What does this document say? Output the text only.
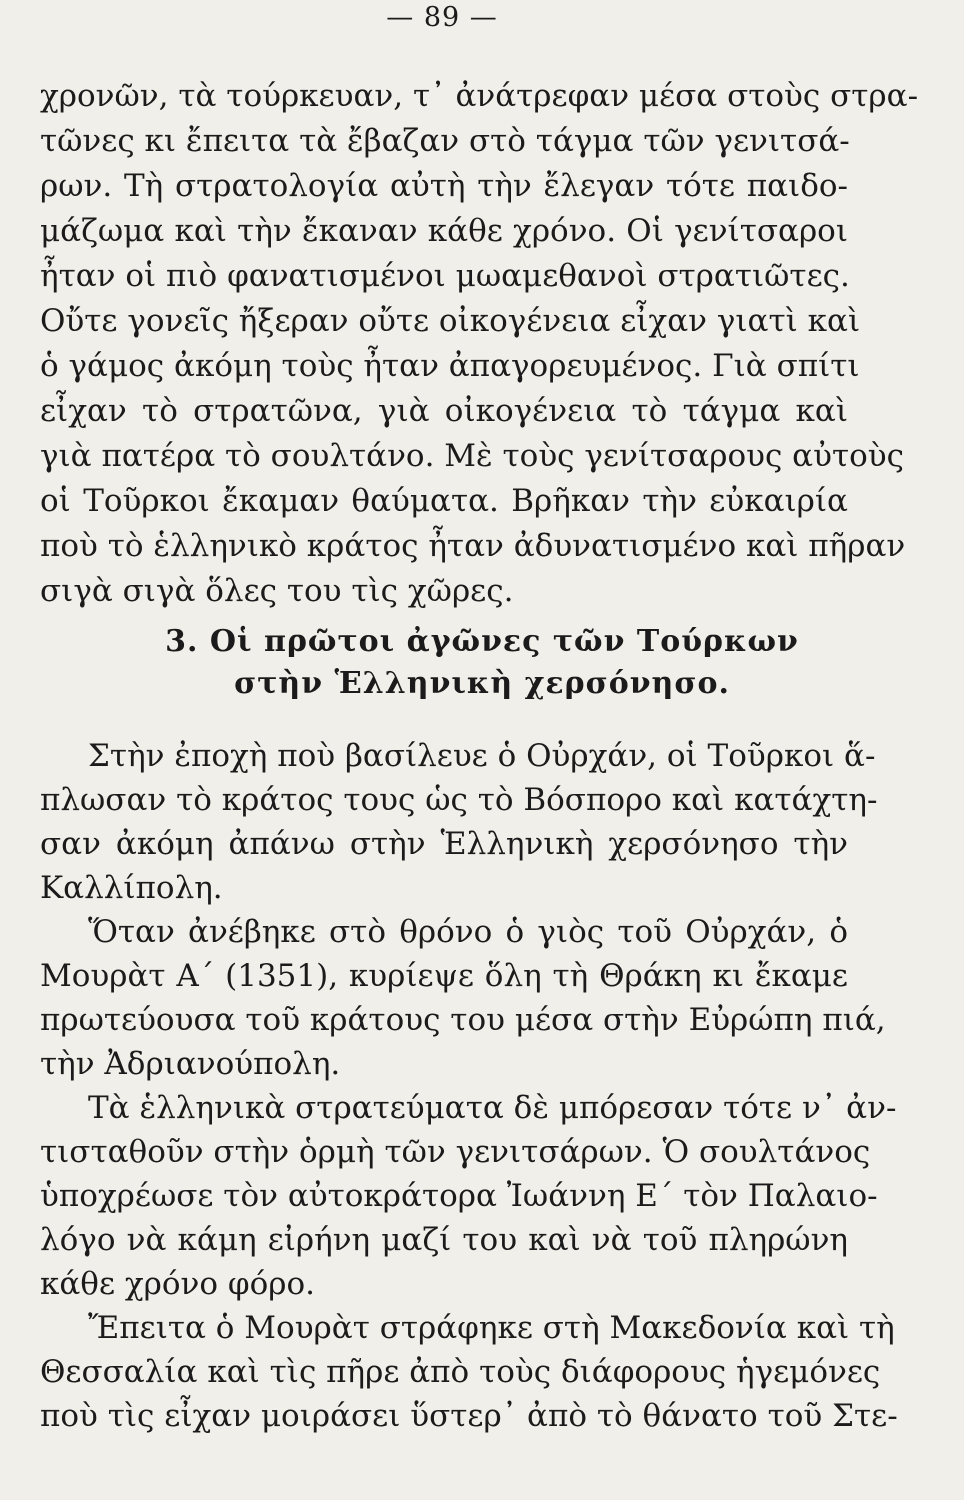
— 89 —
χρονῶν, τὰ τούρκευαν, τ᾿ ἀνάτρεφαν μέσα στοὺς στρα-
τῶνες κι ἔπειτα τὰ ἔβαζαν στὸ τάγμα τῶν γενιτσά-
ρων. Τὴ στρατολογία αὐτὴ τὴν ἔλεγαν τότε παιδο-
μάζωμα καὶ τὴν ἔκαναν κάθε χρόνο. Οἱ γενίτσαροι
ἦταν οἱ πιὸ φανατισμένοι μωαμεθανοὶ στρατιῶτες.
Οὔτε γονεῖς ἤξεραν οὔτε οἰκογένεια εἶχαν γιατὶ καὶ
ὁ γάμος ἀκόμη τοὺς ἦταν ἀπαγορευμένος. Γιὰ σπίτι
εἶχαν τὸ στρατῶνα, γιὰ οἰκογένεια τὸ τάγμα καὶ
γιὰ πατέρα τὸ σουλτάνο. Μὲ τοὺς γενίτσαρους αὐτοὺς
οἱ Τοῦρκοι ἔκαμαν θαύματα. Βρῆκαν τὴν εὐκαιρία
ποὺ τὸ ἑλληνικὸ κράτος ἦταν ἀδυνατισμένο καὶ πῆραν
σιγὰ σιγὰ ὅλες του τὶς χῶρες.
3. Οἱ πρῶτοι ἀγῶνες τῶν Τούρκων
στὴν Ἑλληνικὴ χερσόνησο.
Στὴν ἐποχὴ ποὺ βασίλευε ὁ Οὐρχάν, οἱ Τοῦρκοι ἅ-
πλωσαν τὸ κράτος τους ὡς τὸ Βόσπορο καὶ κατάχτη-
σαν ἀκόμη ἀπάνω στὴν Ἑλληνικὴ χερσόνησο τὴν
Καλλίπολη.
Ὅταν ἀνέβηκε στὸ θρόνο ὁ γιὸς τοῦ Οὐρχάν, ὁ
Μουρὰτ Α´ (1351), κυρίεψε ὅλη τὴ Θράκη κι ἔκαμε
πρωτεύουσα τοῦ κράτους του μέσα στὴν Εὐρώπη πιά,
τὴν Ἀδριανούπολη.
Τὰ ἑλληνικὰ στρατεύματα δὲ μπόρεσαν τότε ν᾿ ἀν-
τισταθοῦν στὴν ὁρμὴ τῶν γενιτσάρων. Ὁ σουλτάνος
ὑποχρέωσε τὸν αὐτοκράτορα Ἰωάννη Ε´ τὸν Παλαιο-
λόγο νὰ κάμη εἰρήνη μαζί του καὶ νὰ τοῦ πληρώνη
κάθε χρόνο φόρο.
Ἔπειτα ὁ Μουρὰτ στράφηκε στὴ Μακεδονία καὶ τὴ
Θεσσαλία καὶ τὶς πῆρε ἀπὸ τοὺς διάφορους ἡγεμόνες
ποὺ τὶς εἶχαν μοιράσει ὕστερ᾿ ἀπὸ τὸ θάνατο τοῦ Στε-
